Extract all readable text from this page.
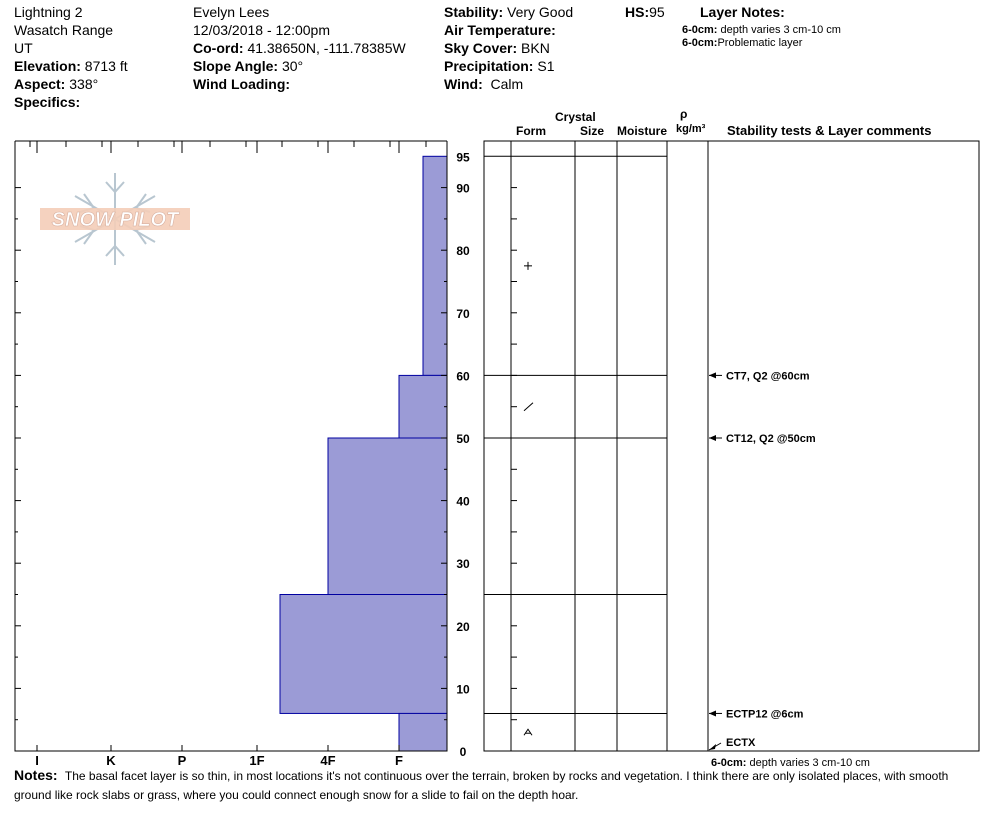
Lightning 2
Wasatch Range
UT
Elevation: 8713 ft
Aspect: 338°
Specifics:
Evelyn Lees
12/03/2018 - 12:00pm
Co-ord: 41.38650N, -111.78385W
Slope Angle: 30°
Wind Loading:
Stability: Very Good
Air Temperature:
Sky Cover: BKN
Precipitation: S1
Wind: Calm
HS:95	Layer Notes:
6-0cm: depth varies 3 cm-10 cm
6-0cm:Problematic layer
Crystal
Form	Size Moisture
ρ
kg/m³ Stability tests & Layer comments
SNOW PILOT
I	K	P	1F	4F	F
0
10
20
30
40
50
60
70
80
90
95
CT7, Q2 @60cm
CT12, Q2 @50cm
ECTP12 @6cm
ECTX
6-0cm: depth varies 3 cm-10 cm
Notes: The basal facet layer is so thin, in most locations it's not continuous over the terrain, broken by rocks and vegetation. I think there are only isolated places, with smooth ground like rock slabs or grass, where you could connect enough snow for a slide to fail on the depth hoar.
